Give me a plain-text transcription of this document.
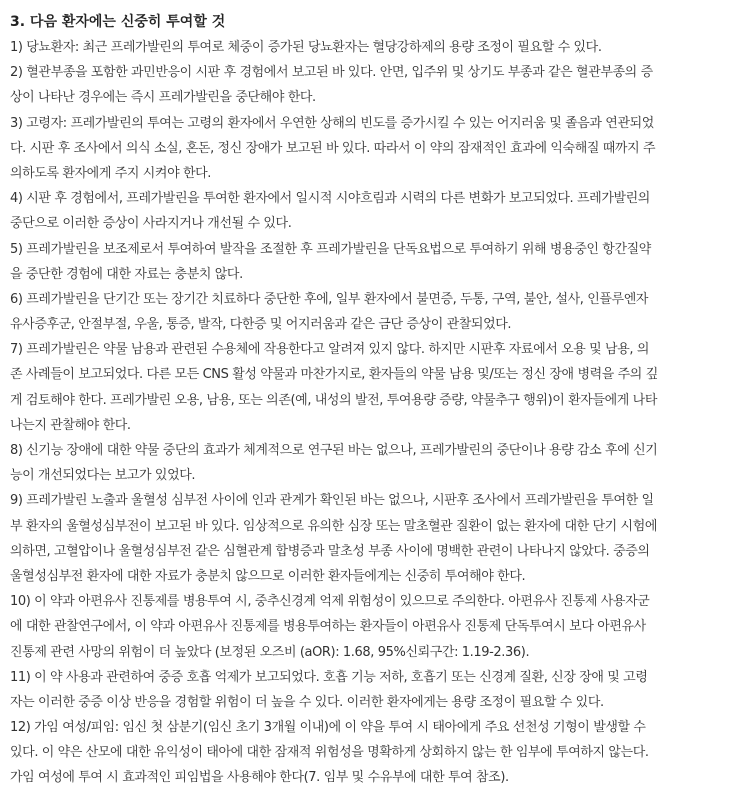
3. 다음 환자에는 신중히 투여할 것
1) 당뇨환자: 최근 프레가발린의 투여로 체중이 증가된 당뇨환자는 혈당강하제의 용량 조정이 필요할 수 있다.
2) 혈관부종을 포함한 과민반응이 시판 후 경험에서 보고된 바 있다. 안면, 입주위 및 상기도 부종과 같은 혈관부종의 증
상이 나타난 경우에는 즉시 프레가발린을 중단해야 한다.
3) 고령자: 프레가발린의 투여는 고령의 환자에서 우연한 상해의 빈도를 증가시킬 수 있는 어지러움 및 졸음과 연관되었
다. 시판 후 조사에서 의식 소실, 혼돈, 정신 장애가 보고된 바 있다. 따라서 이 약의 잠재적인 효과에 익숙해질 때까지 주
의하도록 환자에게 주지 시켜야 한다.
4) 시판 후 경험에서, 프레가발린을 투여한 환자에서 일시적 시야흐림과 시력의 다른 변화가 보고되었다. 프레가발린의
중단으로 이러한 증상이 사라지거나 개선될 수 있다.
5) 프레가발린을 보조제로서 투여하여 발작을 조절한 후 프레가발린을 단독요법으로 투여하기 위해 병용중인 항간질약
을 중단한 경험에 대한 자료는 충분치 않다.
6) 프레가발린을 단기간 또는 장기간 치료하다 중단한 후에, 일부 환자에서 불면증, 두통, 구역, 불안, 설사, 인플루엔자
유사증후군, 안절부절, 우울, 통증, 발작, 다한증 및 어지러움과 같은 금단 증상이 관찰되었다.
7) 프레가발린은 약물 남용과 관련된 수용체에 작용한다고 알려져 있지 않다. 하지만 시판후 자료에서 오용 및 남용, 의
존 사례들이 보고되었다. 다른 모든 CNS 활성 약물과 마찬가지로, 환자들의 약물 남용 및/또는 정신 장애 병력을 주의 깊
게 검토해야 한다. 프레가발린 오용, 남용, 또는 의존(예, 내성의 발전, 투여용량 증량, 약물추구 행위)이 환자들에게 나타
나는지 관찰해야 한다.
8) 신기능 장애에 대한 약물 중단의 효과가 체계적으로 연구된 바는 없으나, 프레가발린의 중단이나 용량 감소 후에 신기
능이 개선되었다는 보고가 있었다.
9) 프레가발린 노출과 울혈성 심부전 사이에 인과 관계가 확인된 바는 없으나, 시판후 조사에서 프레가발린을 투여한 일
부 환자의 울혈성심부전이 보고된 바 있다. 임상적으로 유의한 심장 또는 말초혈관 질환이 없는 환자에 대한 단기 시험에
의하면, 고혈압이나 울혈성심부전 같은 심혈관계 합병증과 말초성 부종 사이에 명백한 관련이 나타나지 않았다. 중증의
울혈성심부전 환자에 대한 자료가 충분치 않으므로 이러한 환자들에게는 신중히 투여해야 한다.
10) 이 약과 아편유사 진통제를 병용투여 시, 중추신경계 억제 위험성이 있으므로 주의한다. 아편유사 진통제 사용자군
에 대한 관찰연구에서, 이 약과 아편유사 진통제를 병용투여하는 환자들이 아편유사 진통제 단독투여시 보다 아편유사
진통제 관련 사망의 위험이 더 높았다 (보정된 오즈비 (aOR): 1.68, 95%신뢰구간: 1.19-2.36).
11) 이 약 사용과 관련하여 중증 호흡 억제가 보고되었다. 호흡 기능 저하, 호흡기 또는 신경계 질환, 신장 장애 및 고령
자는 이러한 중증 이상 반응을 경험할 위험이 더 높을 수 있다. 이러한 환자에게는 용량 조정이 필요할 수 있다.
12) 가임 여성/피임: 임신 첫 삼분기(임신 초기 3개월 이내)에 이 약을 투여 시 태아에게 주요 선천성 기형이 발생할 수
있다. 이 약은 산모에 대한 유익성이 태아에 대한 잠재적 위험성을 명확하게 상회하지 않는 한 임부에 투여하지 않는다.
가임 여성에 투여 시 효과적인 피임법을 사용해야 한다(7. 임부 및 수유부에 대한 투여 참조).
